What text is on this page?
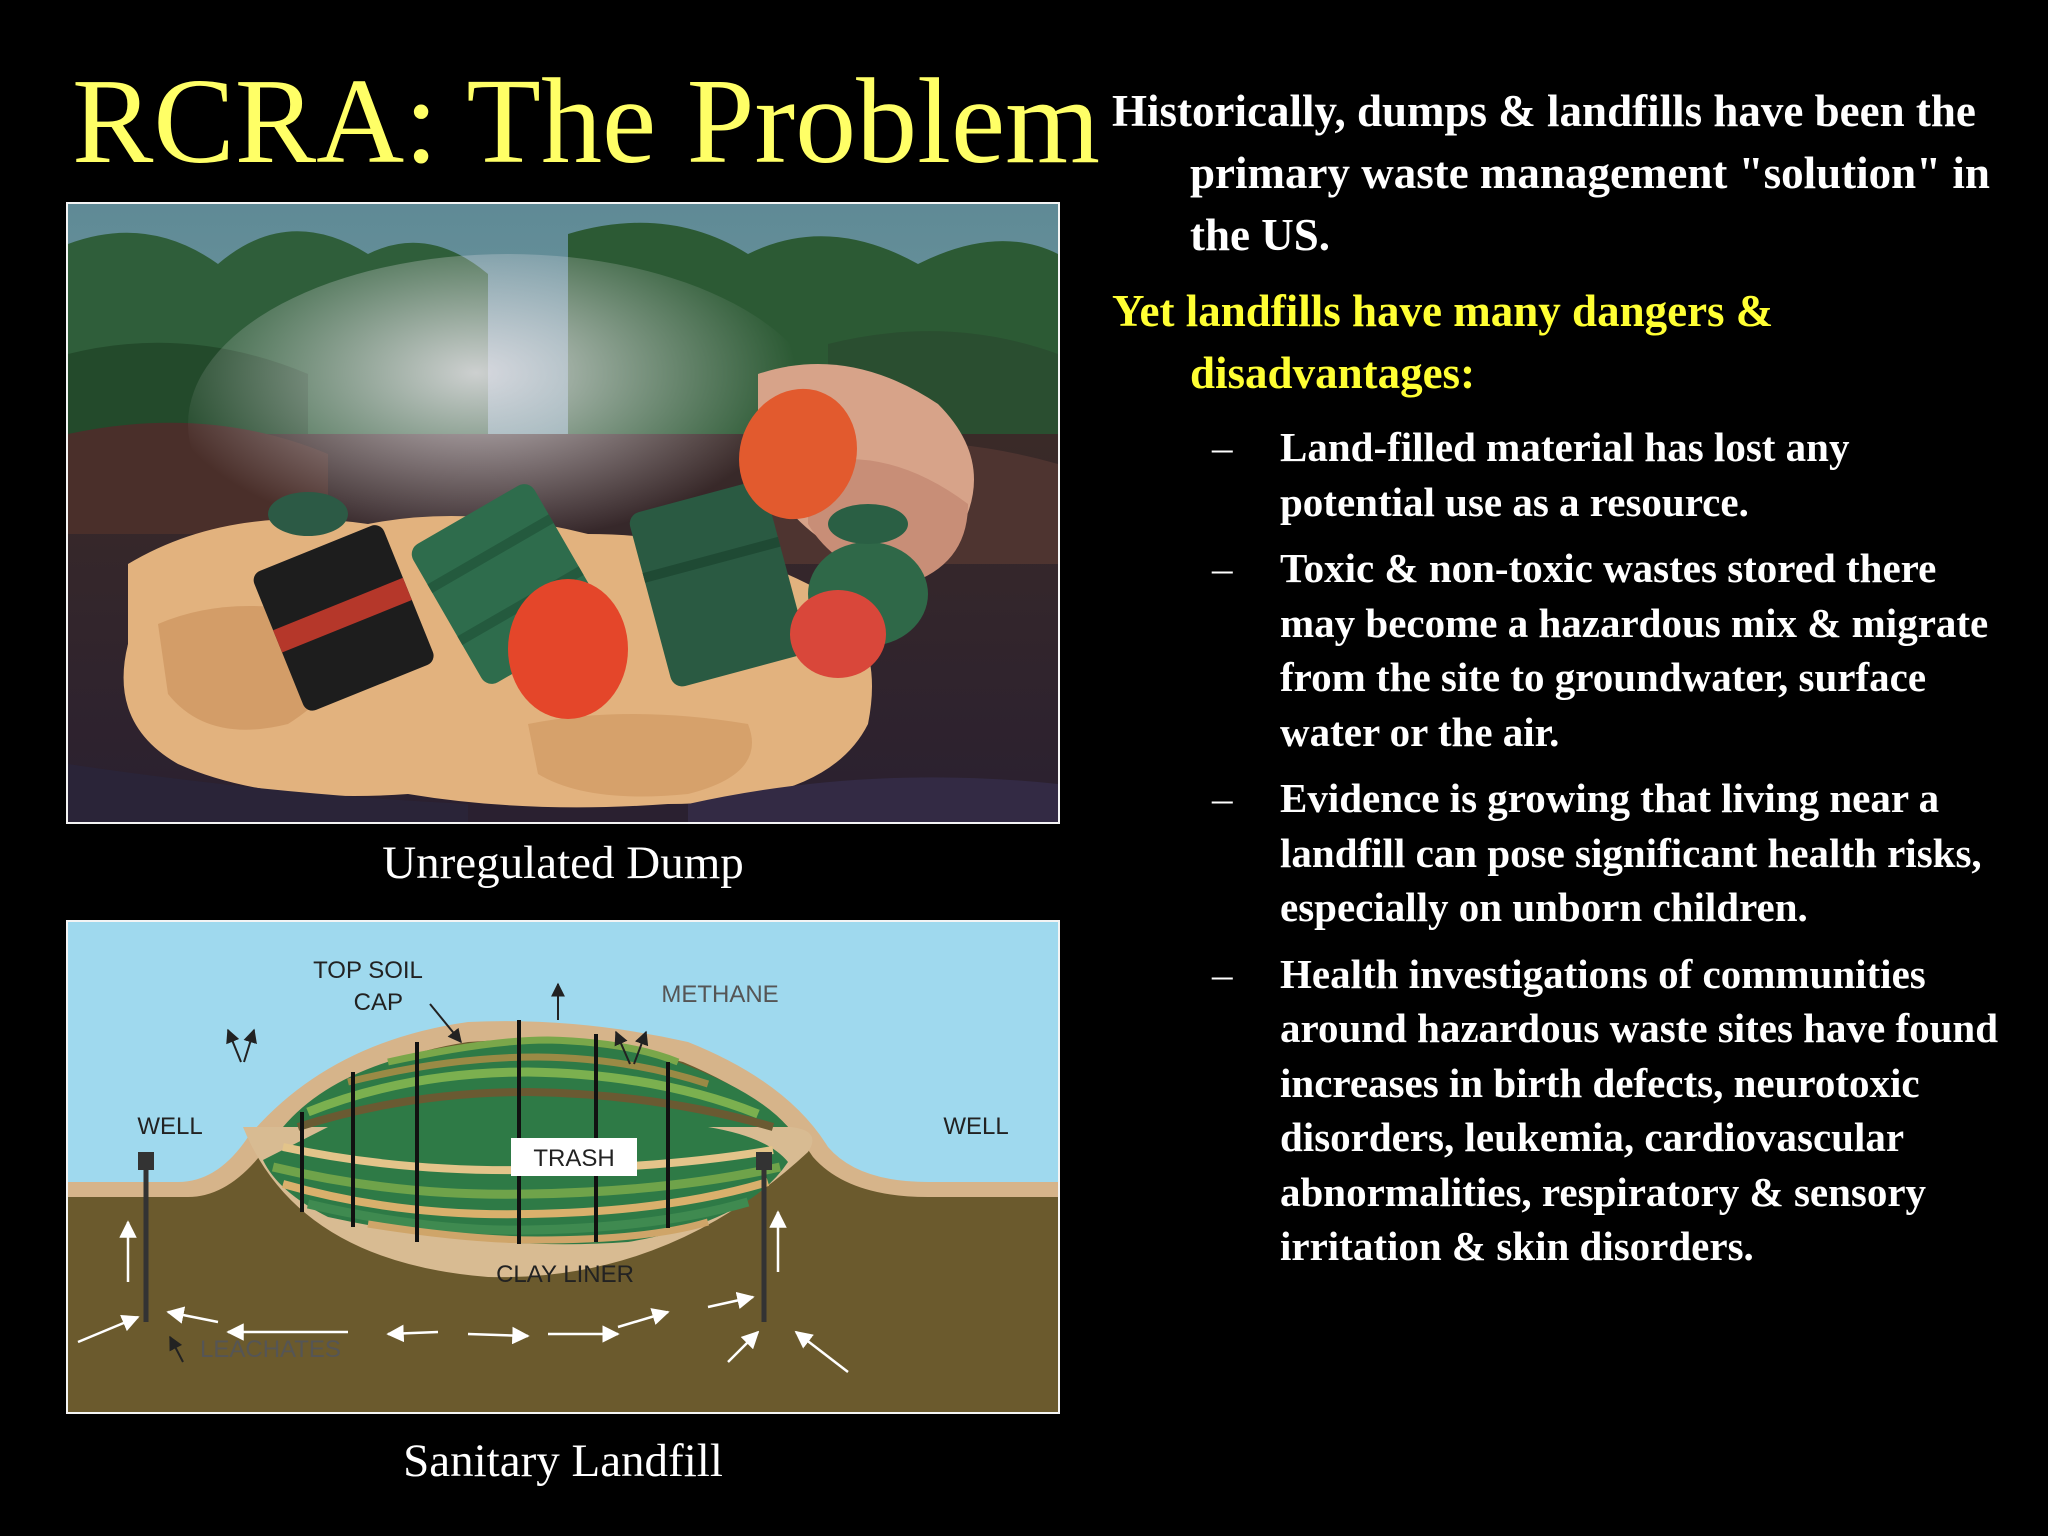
RCRA: The Problem
Unregulated Dump
TOP SOIL
CAP	METHANE
WELL	WELL
TRASH
CLAY LINER
LEACHATES
Sanitary Landfill

Historically, dumps & landfills have been the primary waste management "solution" in the US.

Yet landfills have many dangers & disadvantages:

– Land-filled material has lost any potential use as a resource.
– Toxic & non-toxic wastes stored there may become a hazardous mix & migrate from the site to groundwater, surface water or the air.
– Evidence is growing that living near a landfill can pose significant health risks, especially on unborn children.
– Health investigations of communities around hazardous waste sites have found increases in birth defects, neurotoxic disorders, leukemia, cardiovascular abnormalities, respiratory & sensory irritation & skin disorders.
